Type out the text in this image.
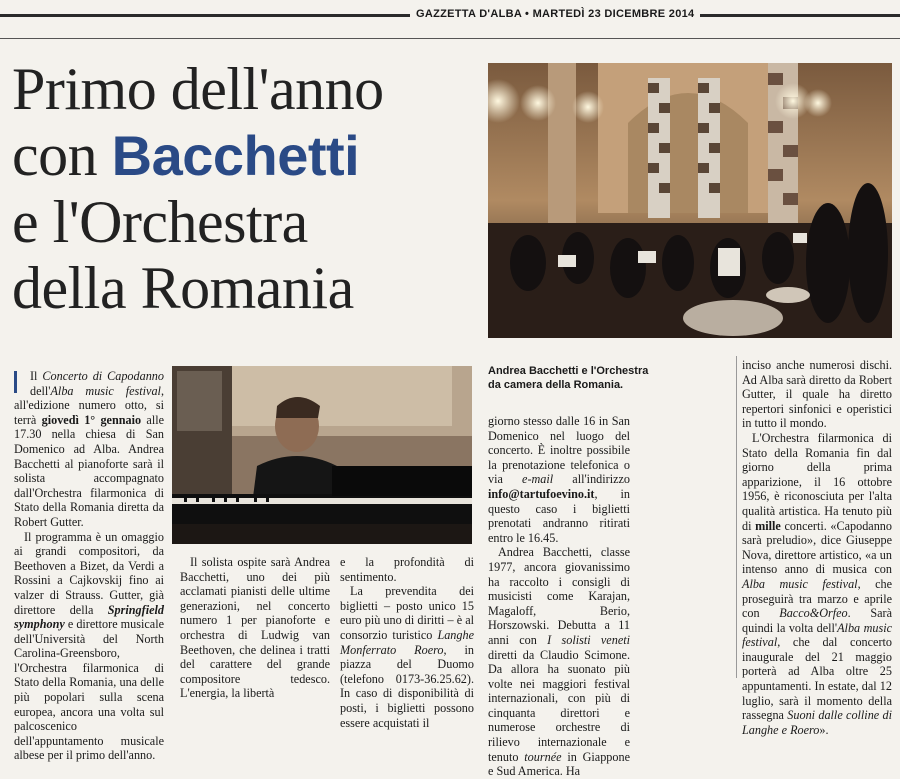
GAZZETTA D'ALBA • MARTEDÌ 23 DICEMBRE 2014
Primo dell'anno
con Bacchetti
e l'Orchestra
della Romania
Andrea Bacchetti e l'Orchestra
da camera della Romania.

Il Concerto di Capodanno dell'Alba music festival, all'edizione numero otto, si terrà giovedì 1° gennaio alle 17.30 nella chiesa di San Domenico ad Alba. Andrea Bacchetti al pianoforte sarà il solista accompagnato dall'Orchestra filarmonica di Stato della Romania diretta da Robert Gutter.

Il programma è un omaggio ai grandi compositori, da Beethoven a Bizet, da Verdi a Rossini a Cajkovskij fino ai valzer di Strauss. Gutter, già direttore della Springfield symphony e direttore musicale dell'Università del North Carolina-Greensboro, l'Orchestra filarmonica di Stato della Romania, una delle più popolari sulla scena europea, ancora una volta sul palcoscenico dell'appuntamento musicale albese per il primo dell'anno.

Il solista ospite sarà Andrea Bacchetti, uno dei più acclamati pianisti delle ultime generazioni, nel concerto numero 1 per pianoforte e orchestra di Ludwig van Beethoven, che delinea i tratti del carattere del grande compositore tedesco. L'energia, la libertà

e la profondità di sentimento.

La prevendita dei biglietti – posto unico 15 euro più uno di diritti – è al consorzio turistico Langhe Monferrato Roero, in piazza del Duomo (telefono 0173-36.25.62). In caso di disponibilità di posti, i biglietti possono essere acquistati il

giorno stesso dalle 16 in San Domenico nel luogo del concerto. È inoltre possibile la prenotazione telefonica o via e-mail all'indirizzo info@tartufoevino.it, in questo caso i biglietti prenotati andranno ritirati entro le 16.45.

Andrea Bacchetti, classe 1977, ancora giovanissimo ha raccolto i consigli di musicisti come Karajan, Magaloff, Berio, Horszowski. Debutta a 11 anni con I solisti veneti diretti da Claudio Scimone. Da allora ha suonato più volte nei maggiori festival internazionali, con più di cinquanta direttori e numerose orchestre di rilievo internazionale e tenuto tournée in Giappone e Sud America. Ha

inciso anche numerosi dischi. Ad Alba sarà diretto da Robert Gutter, il quale ha diretto repertori sinfonici e operistici in tutto il mondo.

L'Orchestra filarmonica di Stato della Romania fin dal giorno della prima apparizione, il 16 ottobre 1956, è riconosciuta per l'alta qualità artistica. Ha tenuto più di mille concerti. «Capodanno sarà preludio», dice Giuseppe Nova, direttore artistico, «a un intenso anno di musica con Alba music festival, che proseguirà tra marzo e aprile con Bacco&Orfeo. Sarà quindi la volta dell'Alba music festival, che dal concerto inaugurale del 21 maggio porterà ad Alba oltre 25 appuntamenti. In estate, dal 12 luglio, sarà il momento della rassegna Suoni dalle colline di Langhe e Roero».
